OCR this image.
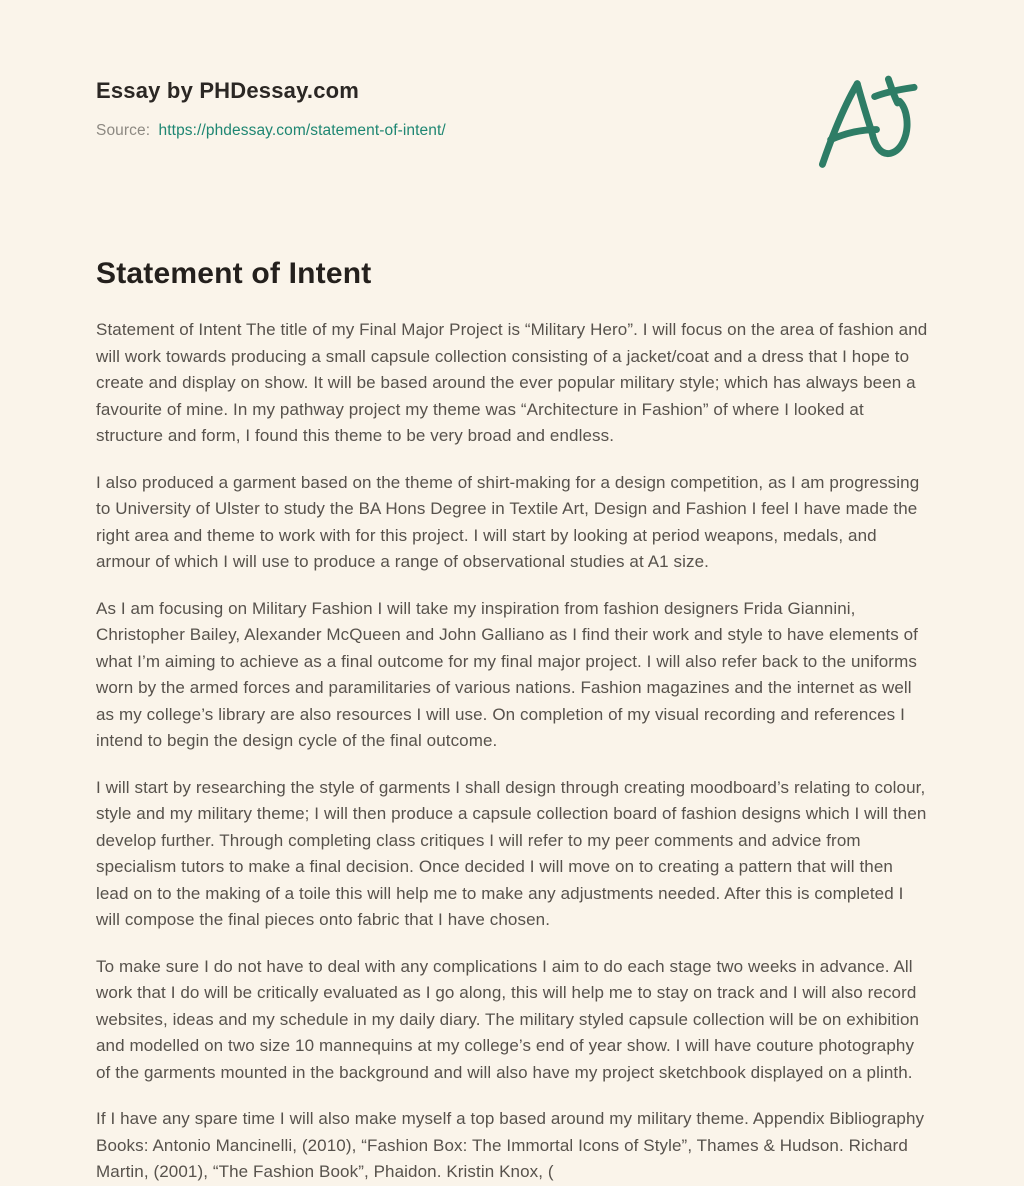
Essay by PHDessay.com
Source: https://phdessay.com/statement-of-intent/
Statement of Intent

Statement of Intent The title of my Final Major Project is “Military Hero”. I will focus on the area of fashion and will work towards producing a small capsule collection consisting of a jacket/coat and a dress that I hope to create and display on show. It will be based around the ever popular military style; which has always been a favourite of mine. In my pathway project my theme was “Architecture in Fashion” of where I looked at structure and form, I found this theme to be very broad and endless.

I also produced a garment based on the theme of shirt-making for a design competition, as I am progressing to University of Ulster to study the BA Hons Degree in Textile Art, Design and Fashion I feel I have made the right area and theme to work with for this project. I will start by looking at period weapons, medals, and armour of which I will use to produce a range of observational studies at A1 size.

As I am focusing on Military Fashion I will take my inspiration from fashion designers Frida Giannini, Christopher Bailey, Alexander McQueen and John Galliano as I find their work and style to have elements of what I’m aiming to achieve as a final outcome for my final major project. I will also refer back to the uniforms worn by the armed forces and paramilitaries of various nations. Fashion magazines and the internet as well as my college’s library are also resources I will use. On completion of my visual recording and references I intend to begin the design cycle of the final outcome.

I will start by researching the style of garments I shall design through creating moodboard’s relating to colour, style and my military theme; I will then produce a capsule collection board of fashion designs which I will then develop further. Through completing class critiques I will refer to my peer comments and advice from specialism tutors to make a final decision. Once decided I will move on to creating a pattern that will then lead on to the making of a toile this will help me to make any adjustments needed. After this is completed I will compose the final pieces onto fabric that I have chosen.

To make sure I do not have to deal with any complications I aim to do each stage two weeks in advance. All work that I do will be critically evaluated as I go along, this will help me to stay on track and I will also record websites, ideas and my schedule in my daily diary. The military styled capsule collection will be on exhibition and modelled on two size 10 mannequins at my college’s end of year show. I will have couture photography of the garments mounted in the background and will also have my project sketchbook displayed on a plinth.

If I have any spare time I will also make myself a top based around my military theme. Appendix Bibliography Books: Antonio Mancinelli, (2010), “Fashion Box: The Immortal Icons of Style”, Thames & Hudson. Richard Martin, (2001), “The Fashion Book”, Phaidon. Kristin Knox, (
